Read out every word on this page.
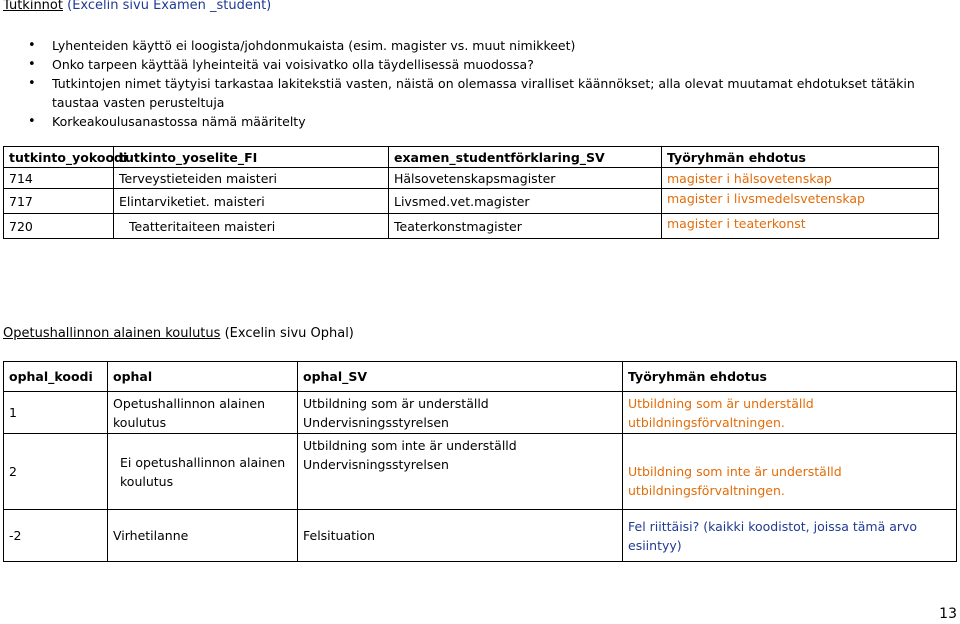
Tutkinnot (Excelin sivu Examen _student)
• Lyhenteiden käyttö ei loogista/johdonmukaista (esim. magister vs. muut nimikkeet)
• Onko tarpeen käyttää lyheinteitä vai voisivatko olla täydellisessä muodossa?
• Tutkintojen nimet täytyisi tarkastaa lakitekstiä vasten, näistä on olemassa viralliset käännökset; alla olevat muutamat ehdotukset tätäkin taustaa vasten perusteltuja
• Korkeakoulusanastossa nämä määritelty
tutkinto_yokoodi	tutkinto_yoselite_FI	examen_studentförklaring_SV	Työryhmän ehdotus
714	Terveystieteiden maisteri	Hälsovetenskapsmagister	magister i hälsovetenskap
717	Elintarviketiet. maisteri	Livsmed.vet.magister	magister i livsmedelsvetenskap
720	Teatteritaiteen maisteri	Teaterkonstmagister	magister i teaterkonst
Opetushallinnon alainen koulutus (Excelin sivu Ophal)
ophal_koodi	ophal	ophal_SV	Työryhmän ehdotus
1	Opetushallinnon alainen koulutus	Utbildning som är underställd Undervisningsstyrelsen	Utbildning som är underställd utbildningsförvaltningen.
2	Ei opetushallinnon alainen koulutus	Utbildning som inte är underställd Undervisningsstyrelsen	Utbildning som inte är underställd utbildningsförvaltningen.
-2	Virhetilanne	Felsituation	Fel riittäisi? (kaikki koodistot, joissa tämä arvo esiintyy)
13
